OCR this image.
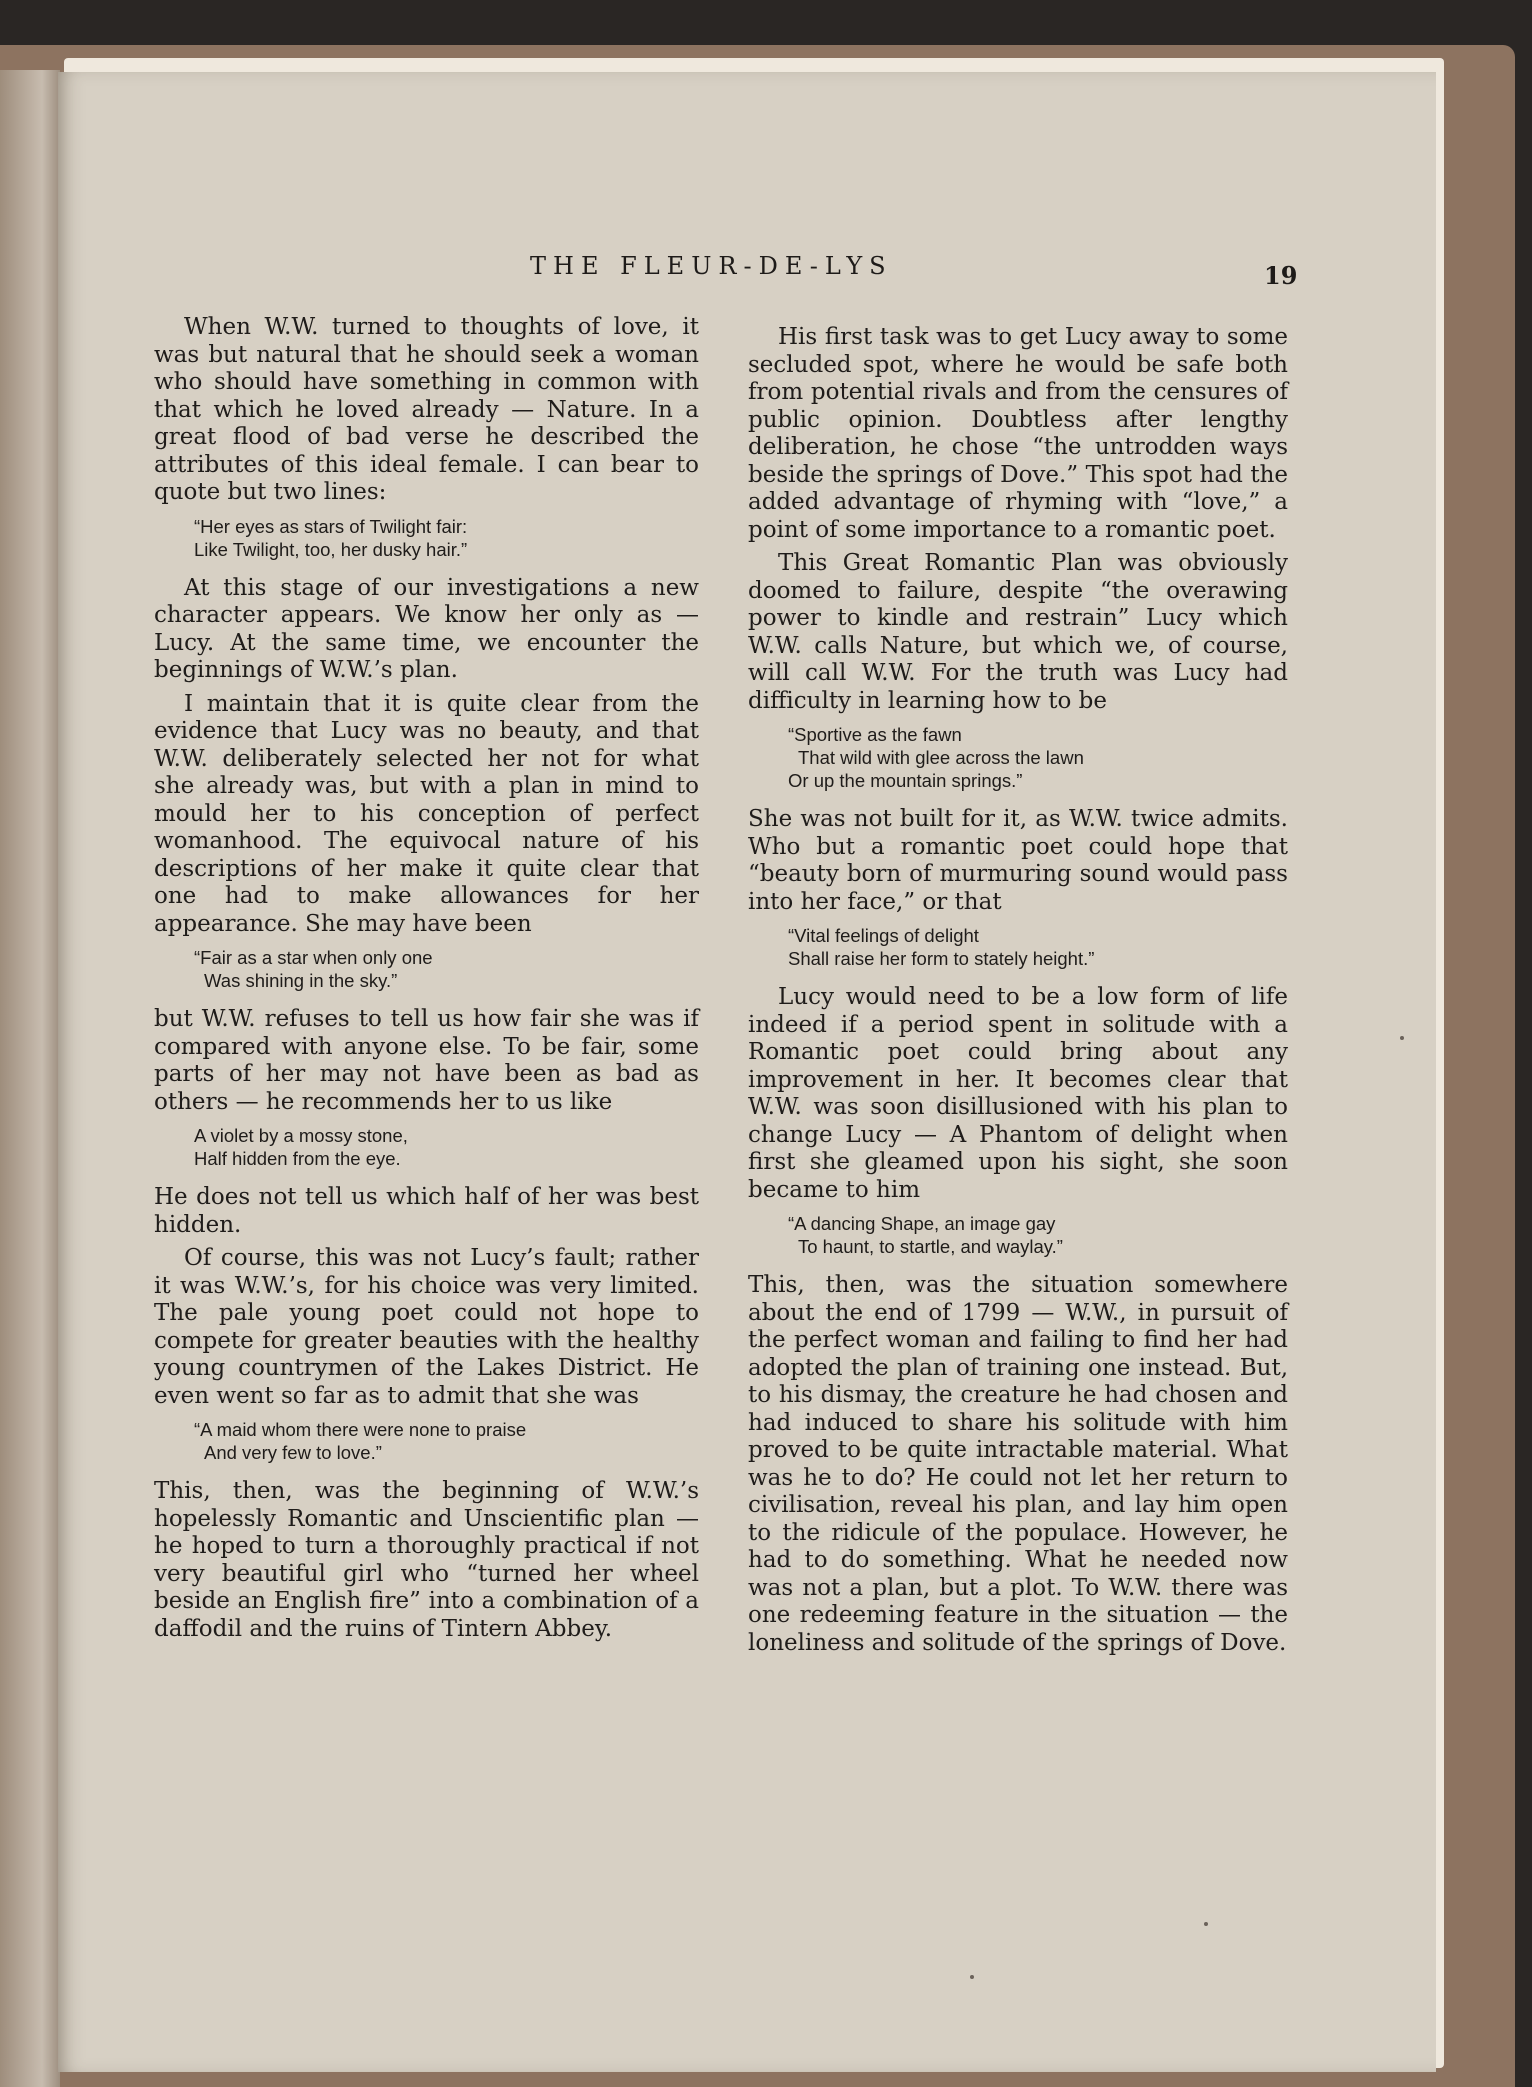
THE FLEUR-DE-LYS	19

When W.W. turned to thoughts of love, it was but natural that he should seek a woman who should have something in common with that which he loved already — Nature. In a great flood of bad verse he described the attributes of this ideal female. I can bear to quote but two lines:

“Her eyes as stars of Twilight fair:
Like Twilight, too, her dusky hair.”

At this stage of our investigations a new character appears. We know her only as — Lucy. At the same time, we encounter the beginnings of W.W.’s plan.

I maintain that it is quite clear from the evidence that Lucy was no beauty, and that W.W. deliberately selected her not for what she already was, but with a plan in mind to mould her to his conception of perfect womanhood. The equivocal nature of his descriptions of her make it quite clear that one had to make allowances for her appearance. She may have been

“Fair as a star when only one
Was shining in the sky.”

but W.W. refuses to tell us how fair she was if compared with anyone else. To be fair, some parts of her may not have been as bad as others — he recommends her to us like

A violet by a mossy stone,
Half hidden from the eye.

He does not tell us which half of her was best hidden.

Of course, this was not Lucy’s fault; rather it was W.W.’s, for his choice was very limited. The pale young poet could not hope to compete for greater beauties with the healthy young countrymen of the Lakes District. He even went so far as to admit that she was

“A maid whom there were none to praise
And very few to love.”

This, then, was the beginning of W.W.’s hopelessly Romantic and Unscientific plan — he hoped to turn a thoroughly practical if not very beautiful girl who “turned her wheel beside an English fire” into a combination of a daffodil and the ruins of Tintern Abbey.

His first task was to get Lucy away to some secluded spot, where he would be safe both from potential rivals and from the censures of public opinion. Doubtless after lengthy deliberation, he chose “the untrodden ways beside the springs of Dove.” This spot had the added advantage of rhyming with “love,” a point of some importance to a romantic poet.

This Great Romantic Plan was obviously doomed to failure, despite “the overawing power to kindle and restrain” Lucy which W.W. calls Nature, but which we, of course, will call W.W. For the truth was Lucy had difficulty in learning how to be

“Sportive as the fawn
That wild with glee across the lawn
Or up the mountain springs.”

She was not built for it, as W.W. twice admits. Who but a romantic poet could hope that “beauty born of murmuring sound would pass into her face,” or that

“Vital feelings of delight
Shall raise her form to stately height.”

Lucy would need to be a low form of life indeed if a period spent in solitude with a Romantic poet could bring about any improvement in her. It becomes clear that W.W. was soon disillusioned with his plan to change Lucy — A Phantom of delight when first she gleamed upon his sight, she soon became to him

“A dancing Shape, an image gay
To haunt, to startle, and waylay.”

This, then, was the situation somewhere about the end of 1799 — W.W., in pursuit of the perfect woman and failing to find her had adopted the plan of training one instead. But, to his dismay, the creature he had chosen and had induced to share his solitude with him proved to be quite intractable material. What was he to do? He could not let her return to civilisation, reveal his plan, and lay him open to the ridicule of the populace. However, he had to do something. What he needed now was not a plan, but a plot. To W.W. there was one redeeming feature in the situation — the loneliness and solitude of the springs of Dove.
